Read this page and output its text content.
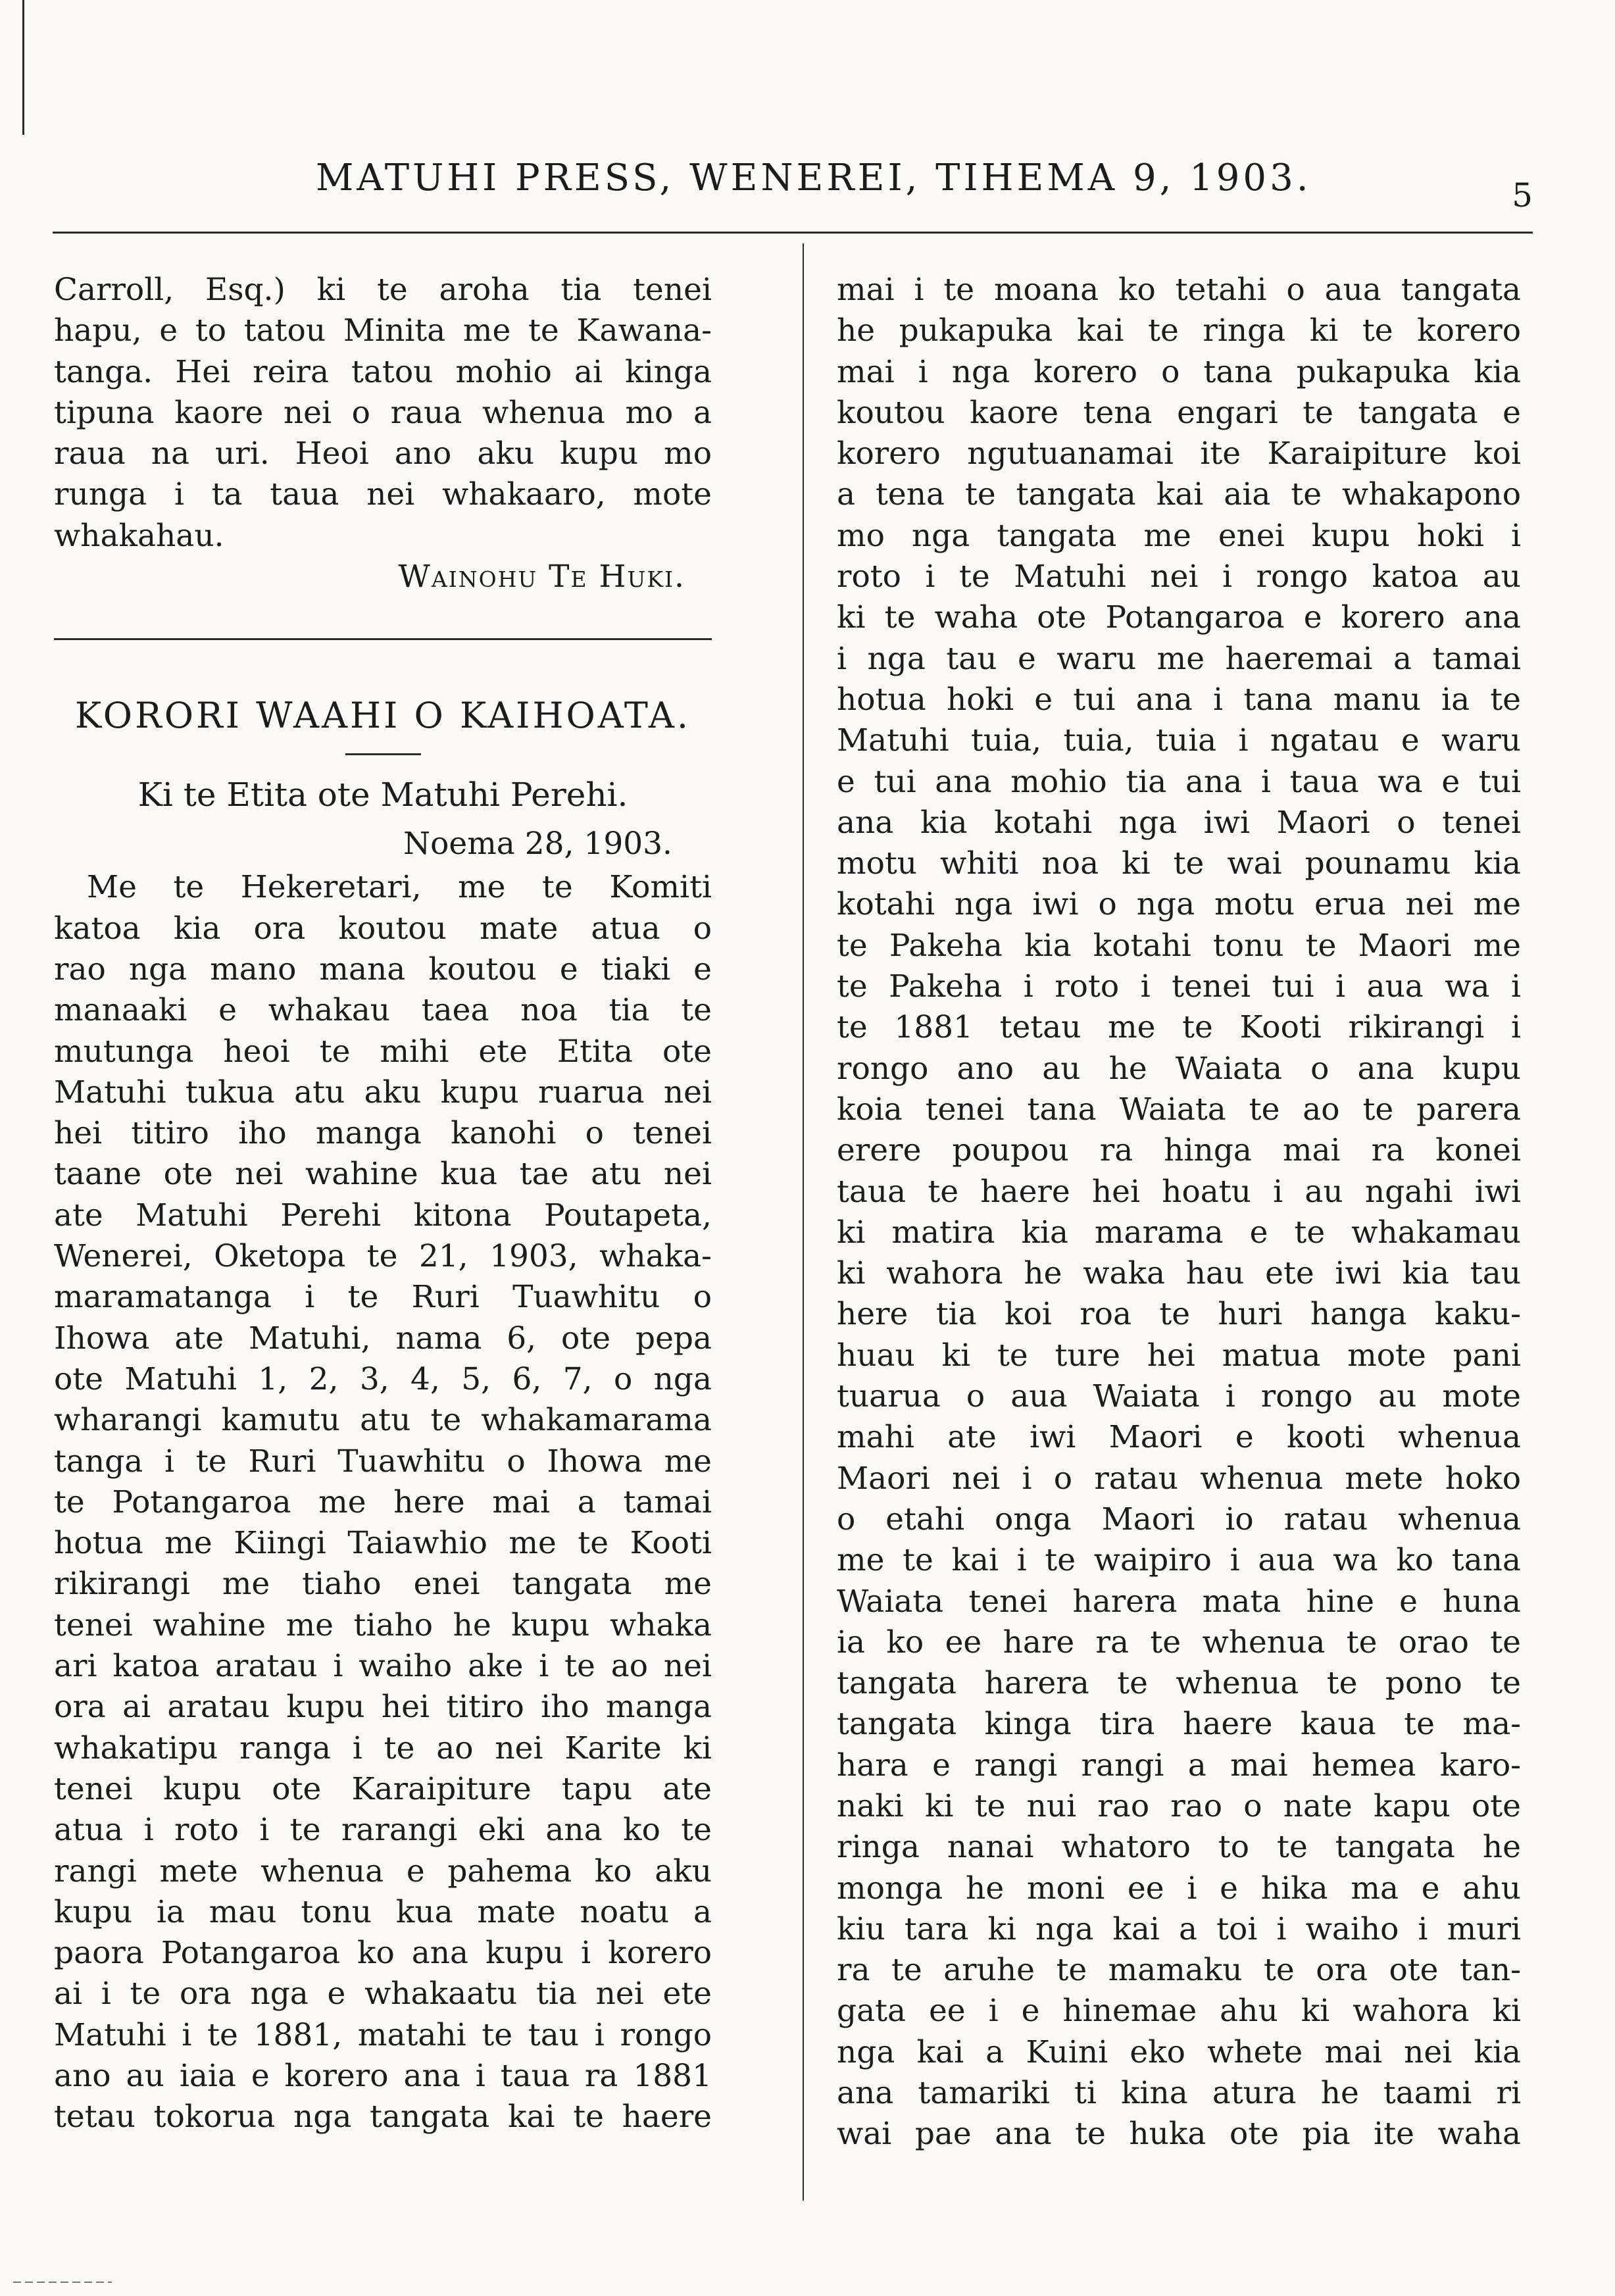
MATUHI PRESS, WENEREI, TIHEMA 9, 1903.	5
Carroll, Esq.) ki te aroha tia tenei
hapu, e to tatou Minita me te Kawana-
tanga. Hei reira tatou mohio ai kinga
tipuna kaore nei o raua whenua mo a
raua na uri. Heoi ano aku kupu mo
runga i ta taua nei whakaaro, mote
whakahau.
Wainohu Te Huki.
KORORI WAAHI O KAIHOATA.
Ki te Etita ote Matuhi Perehi.
Noema 28, 1903.
Me te Hekeretari, me te Komiti
katoa kia ora koutou mate atua o
rao nga mano mana koutou e tiaki e
manaaki e whakau taea noa tia te
mutunga heoi te mihi ete Etita ote
Matuhi tukua atu aku kupu ruarua nei
hei titiro iho manga kanohi o tenei
taane ote nei wahine kua tae atu nei
ate Matuhi Perehi kitona Poutapeta,
Wenerei, Oketopa te 21, 1903, whaka-
maramatanga i te Ruri Tuawhitu o
Ihowa ate Matuhi, nama 6, ote pepa
ote Matuhi 1, 2, 3, 4, 5, 6, 7, o nga
wharangi kamutu atu te whakamarama
tanga i te Ruri Tuawhitu o Ihowa me
te Potangaroa me here mai a tamai
hotua me Kiingi Taiawhio me te Kooti
rikirangi me tiaho enei tangata me
tenei wahine me tiaho he kupu whaka
ari katoa aratau i waiho ake i te ao nei
ora ai aratau kupu hei titiro iho manga
whakatipu ranga i te ao nei Karite ki
tenei kupu ote Karaipiture tapu ate
atua i roto i te rarangi eki ana ko te
rangi mete whenua e pahema ko aku
kupu ia mau tonu kua mate noatu a
paora Potangaroa ko ana kupu i korero
ai i te ora nga e whakaatu tia nei ete
Matuhi i te 1881, matahi te tau i rongo
ano au iaia e korero ana i taua ra 1881
tetau tokorua nga tangata kai te haere
mai i te moana ko tetahi o aua tangata
he pukapuka kai te ringa ki te korero
mai i nga korero o tana pukapuka kia
koutou kaore tena engari te tangata e
korero ngutuanamai ite Karaipiture koi
a tena te tangata kai aia te whakapono
mo nga tangata me enei kupu hoki i
roto i te Matuhi nei i rongo katoa au
ki te waha ote Potangaroa e korero ana
i nga tau e waru me haeremai a tamai
hotua hoki e tui ana i tana manu ia te
Matuhi tuia, tuia, tuia i ngatau e waru
e tui ana mohio tia ana i taua wa e tui
ana kia kotahi nga iwi Maori o tenei
motu whiti noa ki te wai pounamu kia
kotahi nga iwi o nga motu erua nei me
te Pakeha kia kotahi tonu te Maori me
te Pakeha i roto i tenei tui i aua wa i
te 1881 tetau me te Kooti rikirangi i
rongo ano au he Waiata o ana kupu
koia tenei tana Waiata te ao te parera
erere poupou ra hinga mai ra konei
taua te haere hei hoatu i au ngahi iwi
ki matira kia marama e te whakamau
ki wahora he waka hau ete iwi kia tau
here tia koi roa te huri hanga kaku-
huau ki te ture hei matua mote pani
tuarua o aua Waiata i rongo au mote
mahi ate iwi Maori e kooti whenua
Maori nei i o ratau whenua mete hoko
o etahi onga Maori io ratau whenua
me te kai i te waipiro i aua wa ko tana
Waiata tenei harera mata hine e huna
ia ko ee hare ra te whenua te orao te
tangata harera te whenua te pono te
tangata kinga tira haere kaua te ma-
hara e rangi rangi a mai hemea karo-
naki ki te nui rao rao o nate kapu ote
ringa nanai whatoro to te tangata he
monga he moni ee i e hika ma e ahu
kiu tara ki nga kai a toi i waiho i muri
ra te aruhe te mamaku te ora ote tan-
gata ee i e hinemae ahu ki wahora ki
nga kai a Kuini eko whete mai nei kia
ana tamariki ti kina atura he taami ri
wai pae ana te huka ote pia ite waha
